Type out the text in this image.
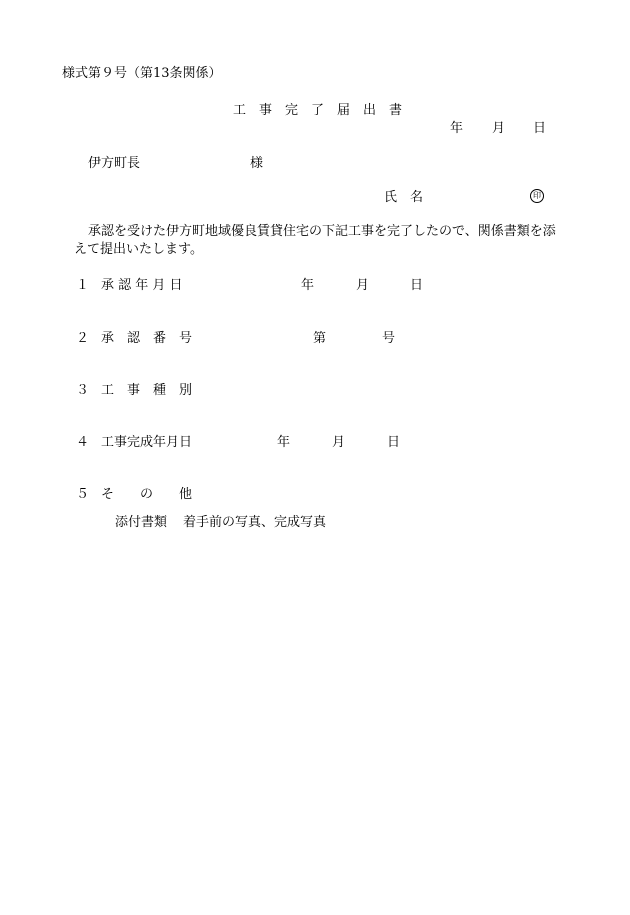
様式第９号（第13条関係）
工　事　完　了　届　出　書
年 月 日
伊方町長	様
氏　名	印
承認を受けた伊方町地域優良賃貸住宅の下記工事を完了したので、関係書類を添
えて提出いたします。
１ 承 認 年 月 日	年	月	日
２ 承　認　番　号	第	号
３ 工　事　種　別
４ 工事完成年月日	年	月	日
５ そ　　の　　他
添付書類 着手前の写真、完成写真
